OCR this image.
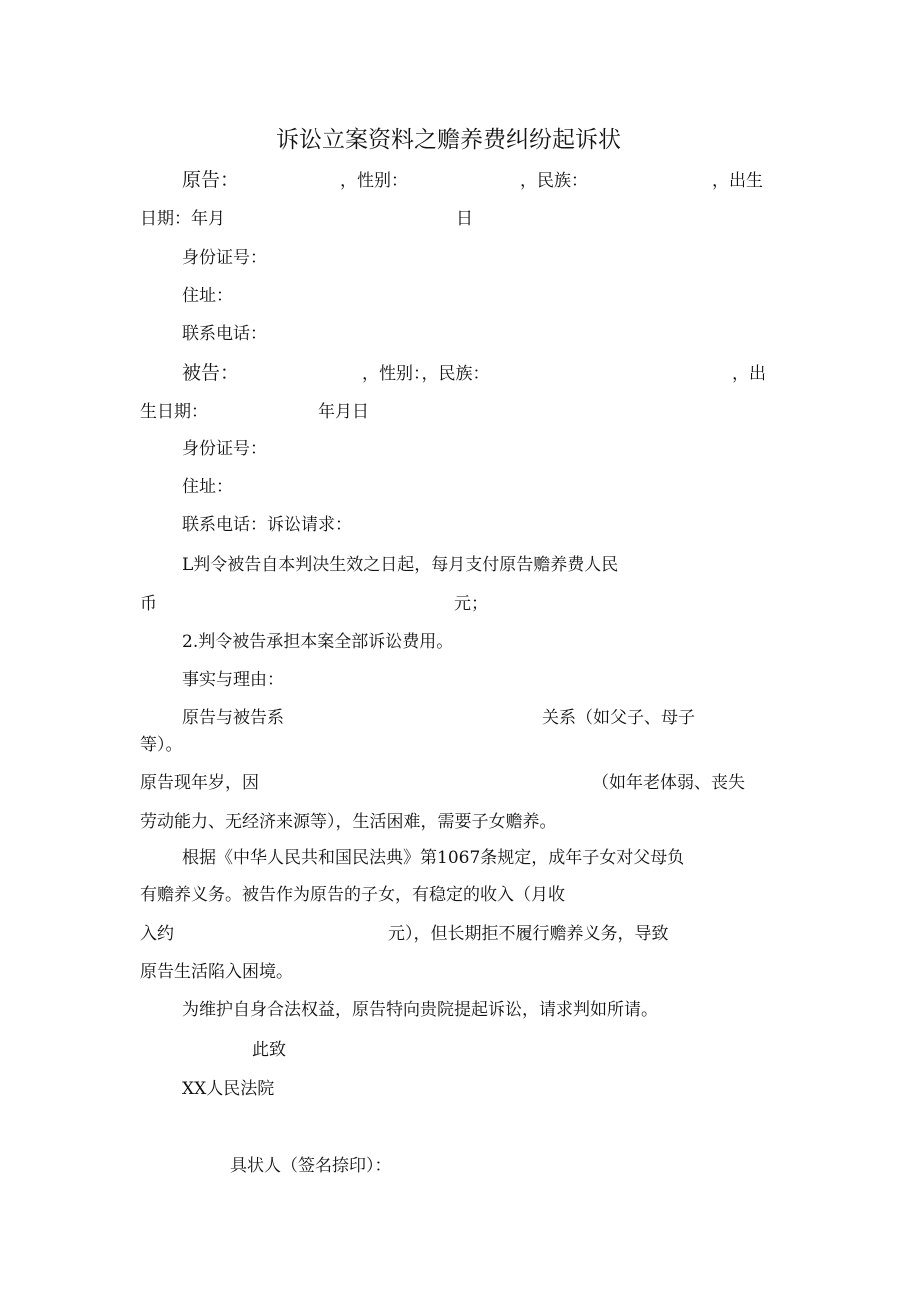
诉讼立案资料之赡养费纠纷起诉状
原告：	，性别：	，民族：	，出生
日期：年月	日
身份证号：
住址：
联系电话：
被告：	，性别：，民族：	，出
生日期：	年月日
身份证号：
住址：
联系电话：诉讼请求：
L判令被告自本判决生效之日起，每月支付原告赡养费人民
币	元；
2.判令被告承担本案全部诉讼费用。
事实与理由：
原告与被告系	关系（如父子、母子
等）。
原告现年岁，因	（如年老体弱、丧失
劳动能力、无经济来源等），生活困难，需要子女赡养。
根据《中华人民共和国民法典》第1067条规定，成年子女对父母负
有赡养义务。被告作为原告的子女，有稳定的收入（月收
入约	元），但长期拒不履行赡养义务，导致
原告生活陷入困境。
为维护自身合法权益，原告特向贵院提起诉讼，请求判如所请。
此致
XX人民法院
具状人（签名捺印）：
